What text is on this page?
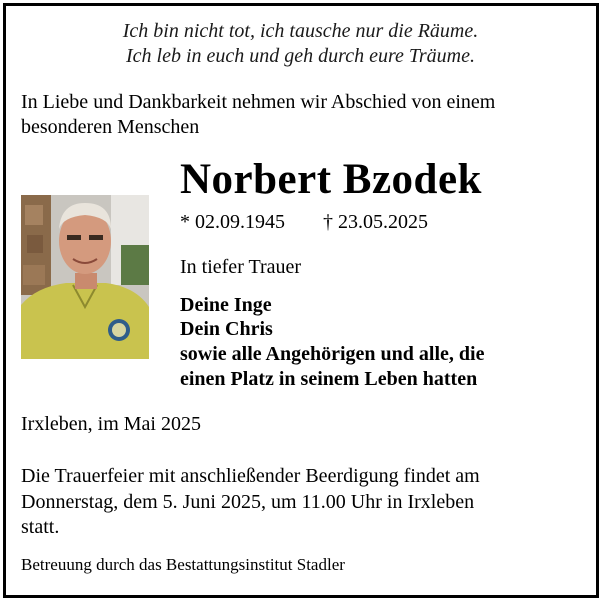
Ich bin nicht tot, ich tausche nur die Räume.
Ich leb in euch und geh durch eure Träume.
In Liebe und Dankbarkeit nehmen wir Abschied von einem
besonderen Menschen
Norbert Bzodek
* 02.09.1945 † 23.05.2025
In tiefer Trauer
Deine Inge
Dein Chris
sowie alle Angehörigen und alle, die
einen Platz in seinem Leben hatten
Irxleben, im Mai 2025
Die Trauerfeier mit anschließender Beerdigung findet am
Donnerstag, dem 5. Juni 2025, um 11.00 Uhr in Irxleben
statt.
Betreuung durch das Bestattungsinstitut Stadler
